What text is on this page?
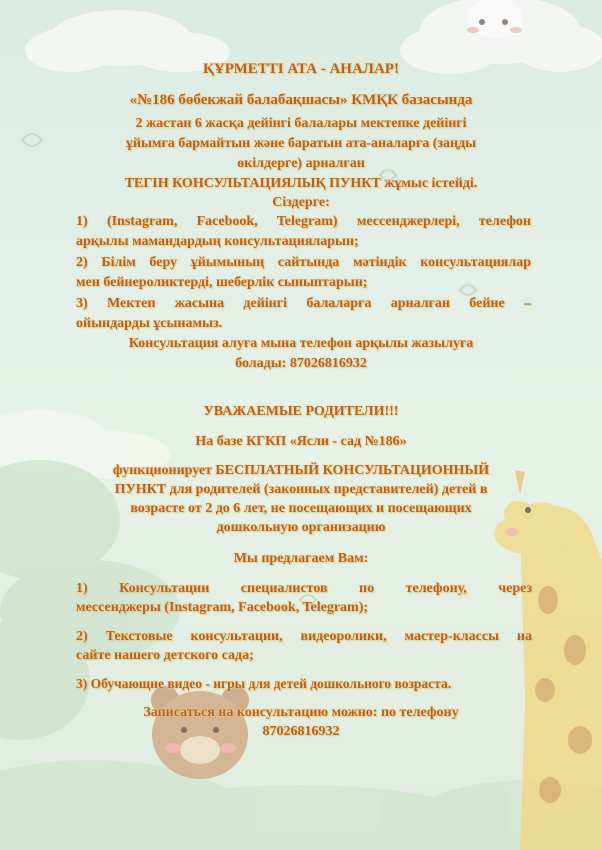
ҚҰРМЕТТІ АТА - АНАЛАР!

«№186 бөбекжай балабақшасы» КМҚК базасында

2 жастан 6 жасқа дейінгі балалары мектепке дейінгі

ұйымға бармайтын және баратын ата-аналарға (заңды

өкілдерге) арналған

ТЕГІН КОНСУЛЬТАЦИЯЛЫҚ ПУНКТ жұмыс істейді.

Сіздерге:

1) (Instagram, Facebook, Telegram) мессенджерлері, телефон

арқылы мамандардың консультацияларын;

2) Білім беру ұйымының сайтында мәтіндік консультациялар

мен бейнероликтерді, шеберлік сыныптарын;

3) Мектеп жасына дейінгі балаларға арналған бейне –

ойындарды ұсынамыз.

Консультация алуға мына телефон арқылы жазылуға

болады: 87026816932

УВАЖАЕМЫЕ РОДИТЕЛИ!!!

На базе КГКП «Ясли - сад №186»

функционирует БЕСПЛАТНЫЙ КОНСУЛЬТАЦИОННЫЙ

ПУНКТ для родителей (законных представителей) детей в

возрасте от 2 до 6 лет, не посещающих и посещающих

дошкольную организацию

Мы предлагаем Вам:

1) Консультации специалистов по телефону, через

мессенджеры (Instagram, Facebook, Telegram);

2) Текстовые консультации, видеоролики, мастер-классы на

сайте нашего детского сада;

3) Обучающие видео - игры для детей дошкольного возраста.

Записаться на консультацию можно: по телефону

87026816932
